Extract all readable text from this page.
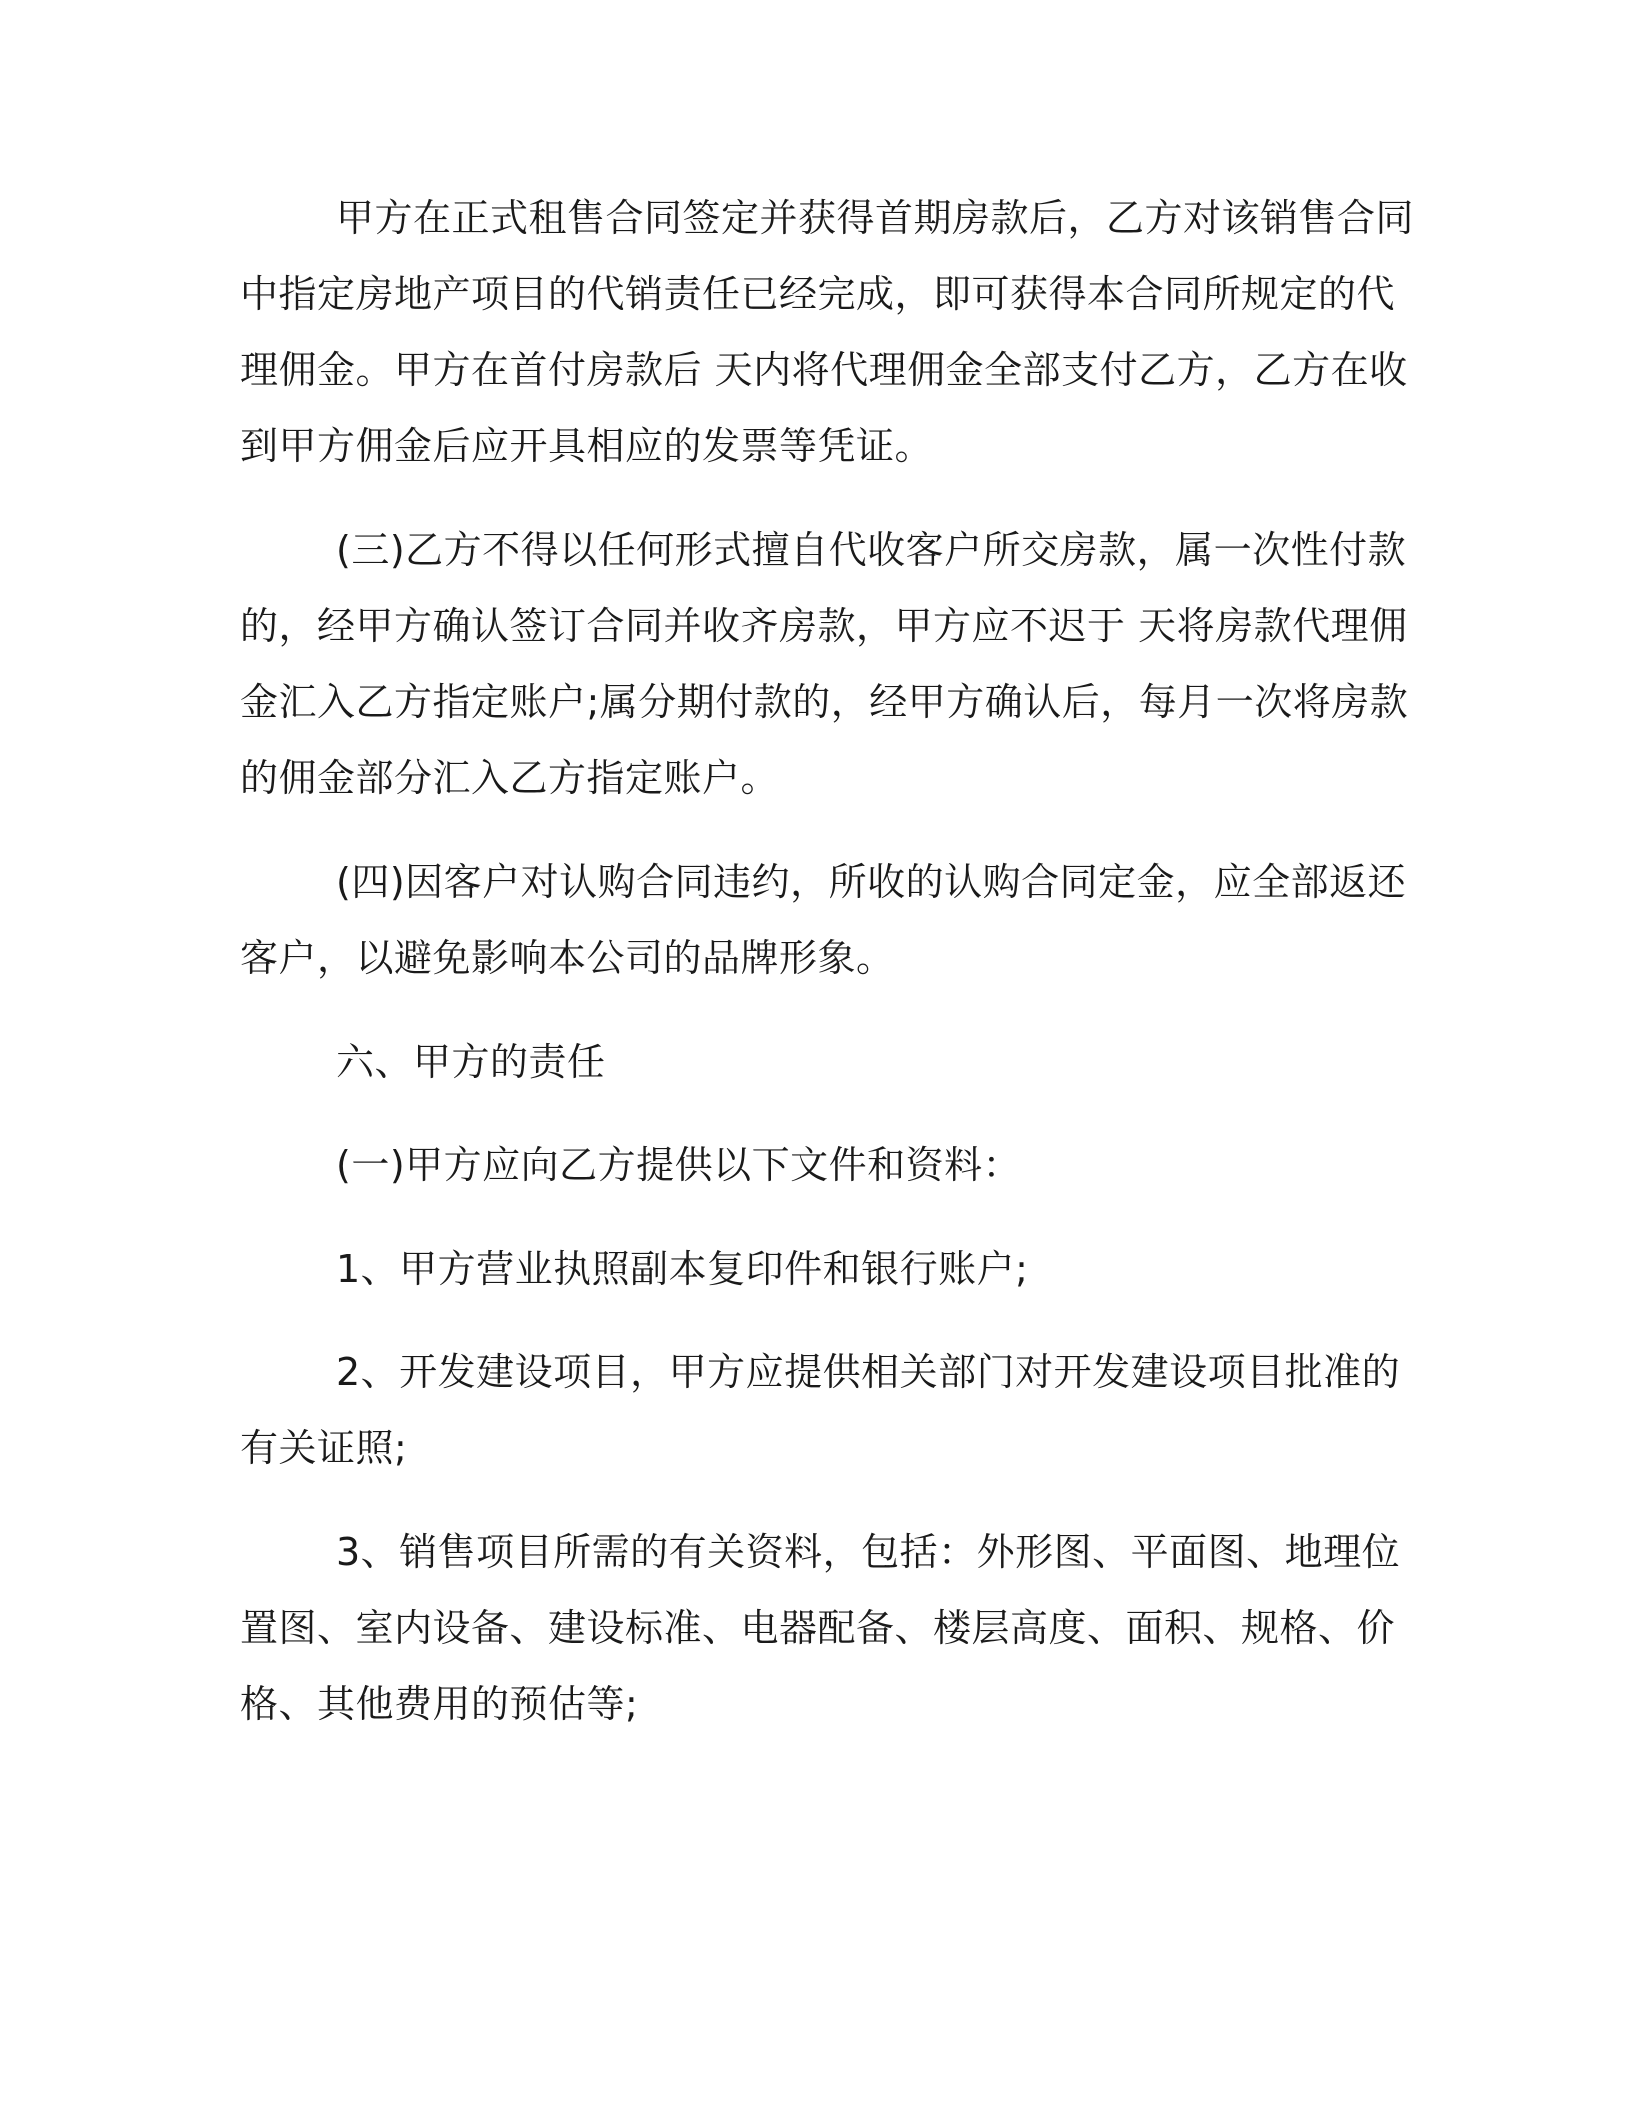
甲方在正式租售合同签定并获得首期房款后，乙方对该销售合同
中指定房地产项目的代销责任已经完成，即可获得本合同所规定的代
理佣金。甲方在首付房款后 天内将代理佣金全部支付乙方，乙方在收
到甲方佣金后应开具相应的发票等凭证。
(三)乙方不得以任何形式擅自代收客户所交房款，属一次性付款
的，经甲方确认签订合同并收齐房款，甲方应不迟于 天将房款代理佣
金汇入乙方指定账户;属分期付款的，经甲方确认后，每月一次将房款
的佣金部分汇入乙方指定账户。
(四)因客户对认购合同违约，所收的认购合同定金，应全部返还
客户，以避免影响本公司的品牌形象。
六、甲方的责任
(一)甲方应向乙方提供以下文件和资料：
1、甲方营业执照副本复印件和银行账户;
2、开发建设项目，甲方应提供相关部门对开发建设项目批准的
有关证照;
3、销售项目所需的有关资料，包括：外形图、平面图、地理位
置图、室内设备、建设标准、电器配备、楼层高度、面积、规格、价
格、其他费用的预估等;
